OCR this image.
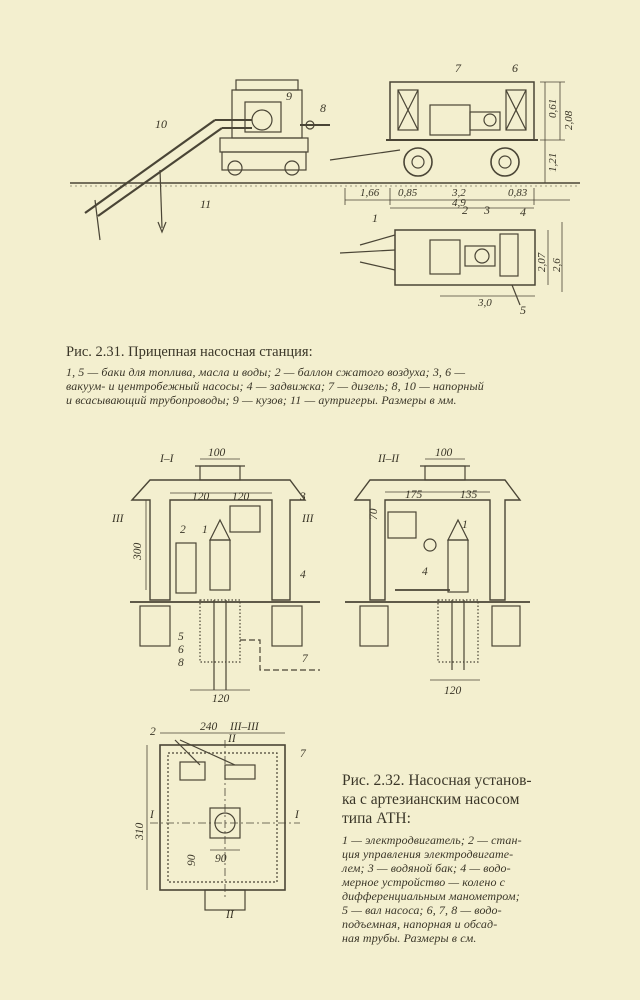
7	6
9
8
10
11
1
2 3	4
5
1,66 0,85	3,2	0,83
4,9
3,0
0,61
2,08
1,21
2,07 2,6
I–I	100
120 120
300
120
III	III
1
2
3
4
5
6
8	7
II–II	100
175	135
70
120
1
4
III–III
240
310
90
90
II
II
I	I
2
7
Рис. 2.31. Прицепная насосная станция:
1, 5 — баки для топлива, масла и воды; 2 — баллон сжатого воздуха; 3, 6 —
вакуум- и центробежный насосы; 4 — задвижка; 7 — дизель; 8, 10 — напорный
и всасывающий трубопроводы; 9 — кузов; 11 — аутригеры. Размеры в мм.
Рис. 2.32. Насосная установ-
ка с артезианским насосом
типа АТН:
1 — электродвигатель; 2 — стан-
ция управления электродвигате-
лем; 3 — водяной бак; 4 — водо-
мерное устройство — колено с
дифференциальным манометром;
5 — вал насоса; 6, 7, 8 — водо-
подъемная, напорная и обсад-
ная трубы. Размеры в см.
